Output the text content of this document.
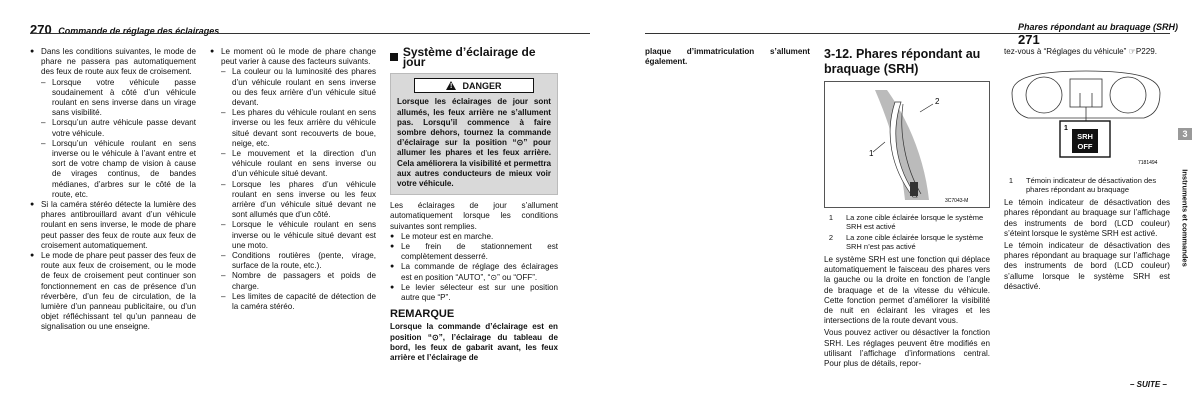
270 Commande de réglage des éclairages	Phares répondant au braquage (SRH) 271

● Dans les conditions suivantes, le mode de phare ne passera pas automatiquement des feux de route aux feux de croisement.

– Lorsque votre véhicule passe soudainement à côté d’un véhicule roulant en sens inverse dans un virage sans visibilité.

– Lorsqu’un autre véhicule passe devant votre véhicule.

– Lorsqu’un véhicule roulant en sens inverse ou le véhicule à l’avant entre et sort de votre champ de vision à cause de virages continus, de bandes médianes, d’arbres sur le côté de la route, etc.

● Si la caméra stéréo détecte la lumière des phares antibrouillard avant d’un véhicule roulant en sens inverse, le mode de phare peut passer des feux de route aux feux de croisement automatiquement.

● Le mode de phare peut passer des feux de route aux feux de croisement, ou le mode de feux de croisement peut continuer son fonctionnement en cas de présence d’un réverbère, d’un feu de circulation, de la lumière d’un panneau publicitaire, ou d’un objet réfléchissant tel qu’un panneau de signalisation ou une enseigne.

● Le moment où le mode de phare change peut varier à cause des facteurs suivants.

– La couleur ou la luminosité des phares d’un véhicule roulant en sens inverse ou des feux arrière d’un véhicule situé devant.

– Les phares du véhicule roulant en sens inverse ou les feux arrière du véhicule situé devant sont recouverts de boue, neige, etc.

– Le mouvement et la direction d’un véhicule roulant en sens inverse ou d’un véhicule situé devant.

– Lorsque les phares d’un véhicule roulant en sens inverse ou les feux arrière d’un véhicule situé devant ne sont allumés que d’un côté.

– Lorsque le véhicule roulant en sens inverse ou le véhicule situé devant est une moto.

– Conditions routières (pente, virage, surface de la route, etc.).

– Nombre de passagers et poids de charge.

– Les limites de capacité de détection de la caméra stéréo.

Système d’éclairage de jour
!
DANGER

Lorsque les éclairages de jour sont allumés, les feux arrière ne s’allument pas. Lorsqu’il commence à faire sombre dehors, tournez la commande d’éclairage sur la position “⊙” pour allumer les phares et les feux arrière. Cela améliorera la visibilité et permettra aux autres conducteurs de mieux voir votre véhicule.

Les éclairages de jour s’allument automatiquement lorsque les conditions suivantes sont remplies.

● Le moteur est en marche.

● Le frein de stationnement est complètement desserré.

● La commande de réglage des éclairages est en position “AUTO”, “⊙” ou “OFF”.

● Le levier sélecteur est sur une position autre que “P”.

REMARQUE

Lorsque la commande d’éclairage est en position “⊙”, l’éclairage du tableau de bord, les feux de gabarit avant, les feux arrière et l’éclairage de

plaque d’immatriculation s’allument également.

3-12. Phares répondant au braquage (SRH)
1
2
3C7043-M
1	La zone cible éclairée lorsque le système SRH est activé
2	La zone cible éclairée lorsque le système SRH n’est pas activé

Le système SRH est une fonction qui déplace automatiquement le faisceau des phares vers la gauche ou la droite en fonction de l’angle de braquage et de la vitesse du véhicule. Cette fonction permet d’améliorer la visibilité de nuit en éclairant les virages et les intersections de la route devant vous.

Vous pouvez activer ou désactiver la fonction SRH. Les réglages peuvent être modifiés en utilisant l’affichage d’informations central. Pour plus de détails, repor-

tez-vous à “Réglages du véhicule” ☞P229.

1
SRH
OFF
7181494
1	Témoin indicateur de désactivation des phares répondant au braquage

Le témoin indicateur de désactivation des phares répondant au braquage sur l’affichage des instruments de bord (LCD couleur) s’éteint lorsque le système SRH est activé.

Le témoin indicateur de désactivation des phares répondant au braquage sur l’affichage des instruments de bord (LCD couleur) s’allume lorsque le système SRH est désactivé.

3
Instruments et commandes
– SUITE –
